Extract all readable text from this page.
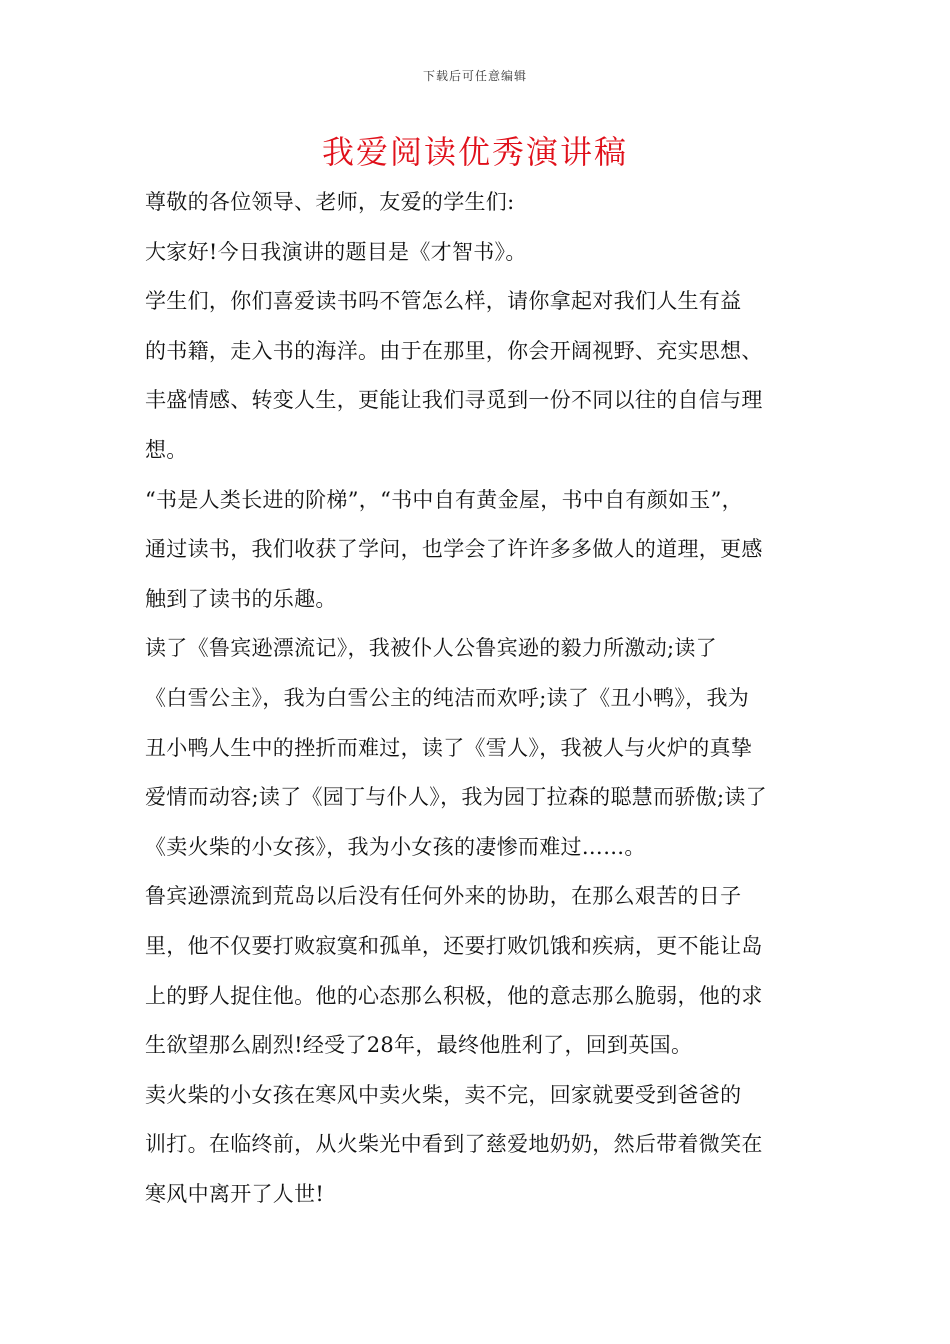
下载后可任意编辑
我爱阅读优秀演讲稿
尊敬的各位领导、老师，友爱的学生们:
大家好!今日我演讲的题目是《才智书》。
学生们，你们喜爱读书吗不管怎么样，请你拿起对我们人生有益
的书籍，走入书的海洋。由于在那里，你会开阔视野、充实思想、
丰盛情感、转变人生，更能让我们寻觅到一份不同以往的自信与理
想。
“书是人类长进的阶梯”，“书中自有黄金屋，书中自有颜如玉”，
通过读书，我们收获了学问，也学会了许许多多做人的道理，更感
触到了读书的乐趣。
读了《鲁宾逊漂流记》，我被仆人公鲁宾逊的毅力所激动;读了
《白雪公主》，我为白雪公主的纯洁而欢呼;读了《丑小鸭》，我为
丑小鸭人生中的挫折而难过，读了《雪人》，我被人与火炉的真挚
爱情而动容;读了《园丁与仆人》，我为园丁拉森的聪慧而骄傲;读了
《卖火柴的小女孩》，我为小女孩的凄惨而难过……。
鲁宾逊漂流到荒岛以后没有任何外来的协助，在那么艰苦的日子
里，他不仅要打败寂寞和孤单，还要打败饥饿和疾病，更不能让岛
上的野人捉住他。他的心态那么积极，他的意志那么脆弱，他的求
生欲望那么剧烈!经受了28年，最终他胜利了，回到英国。
卖火柴的小女孩在寒风中卖火柴，卖不完，回家就要受到爸爸的
训打。在临终前，从火柴光中看到了慈爱地奶奶，然后带着微笑在
寒风中离开了人世!
